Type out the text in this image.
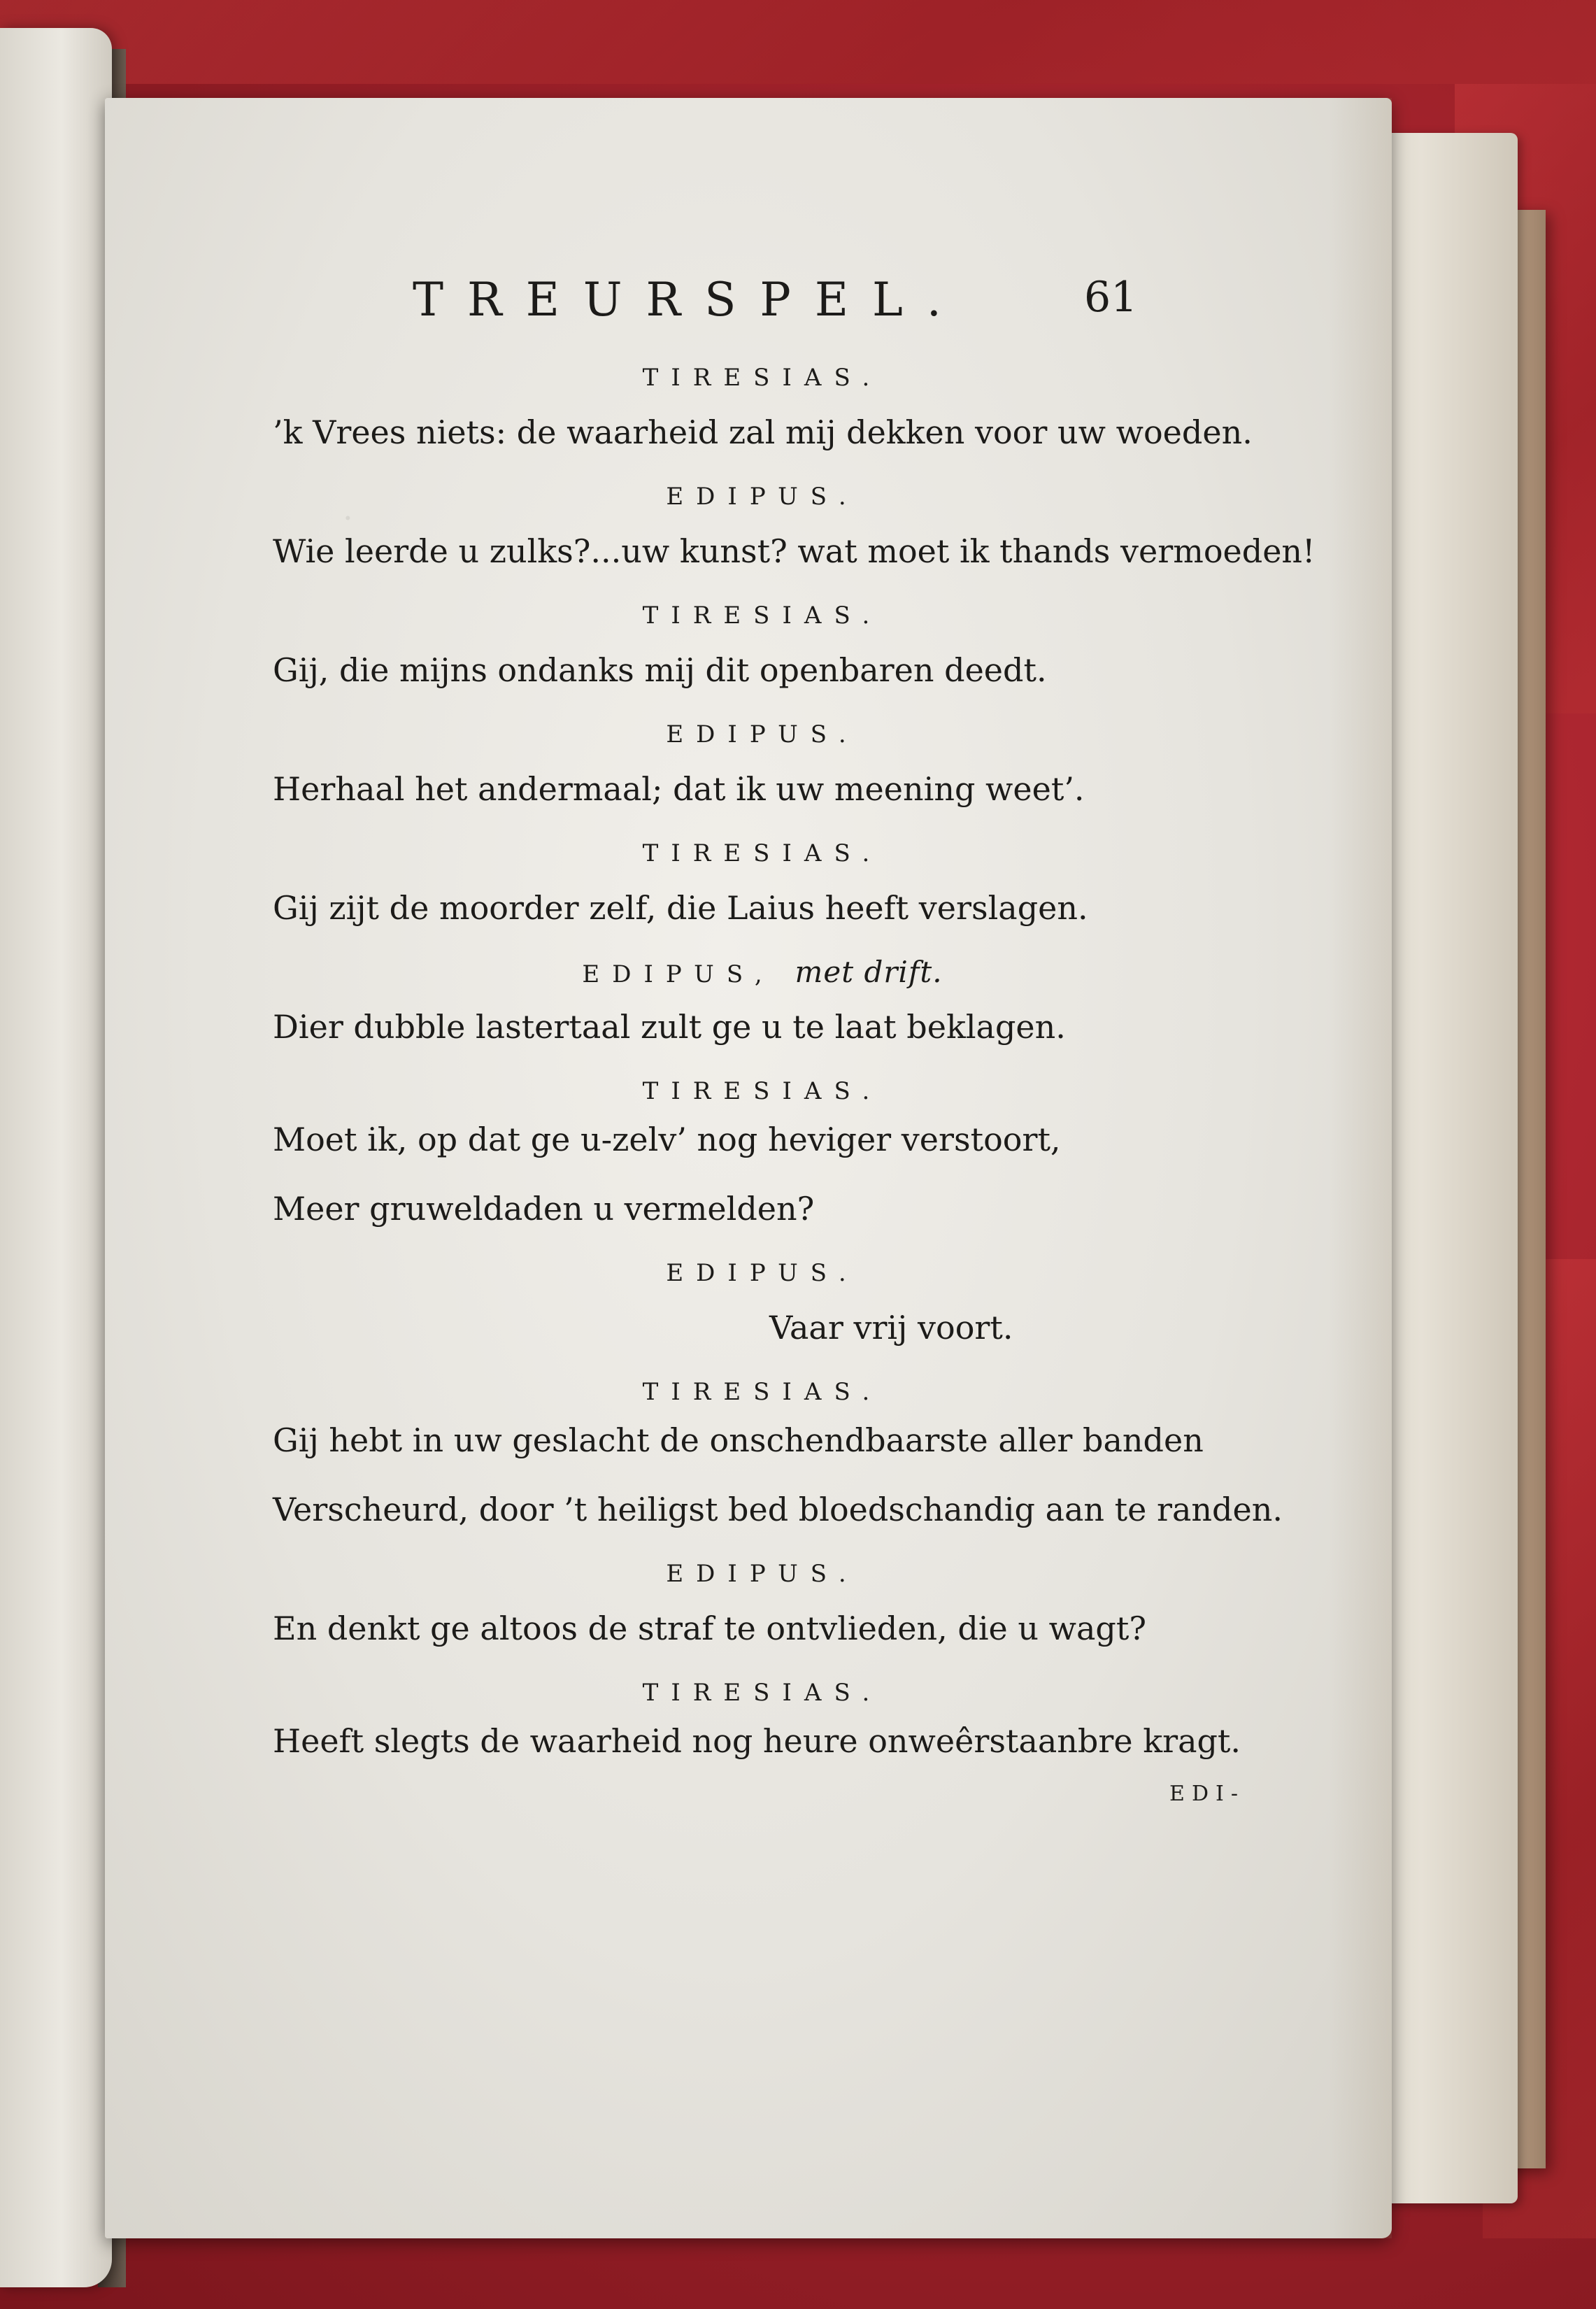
.
TREURSPEL.	61

TIRESIAS.

’k Vrees niets: de waarheid zal mij dekken voor uw woeden.

EDIPUS.

Wie leerde u zulks?...uw kunst? wat moet ik thands vermoeden!

TIRESIAS.

Gij, die mijns ondanks mij dit openbaren deedt.

EDIPUS.

Herhaal het andermaal; dat ik uw meening weet’.

TIRESIAS.

Gij zijt de moorder zelf, die Laius heeft verslagen.

EDIPUS, met drift.

Dier dubble lastertaal zult ge u te laat beklagen.

TIRESIAS.

Moet ik, op dat ge u-zelv’ nog heviger verstoort,

Meer gruweldaden u vermelden?

EDIPUS.

Vaar vrij voort.

TIRESIAS.

Gij hebt in uw geslacht de onschendbaarste aller banden

Verscheurd, door ’t heiligst bed bloedschandig aan te randen.

EDIPUS.

En denkt ge altoos de straf te ontvlieden, die u wagt?

TIRESIAS.

Heeft slegts de waarheid nog heure onweêrstaanbre kragt.

EDI-
